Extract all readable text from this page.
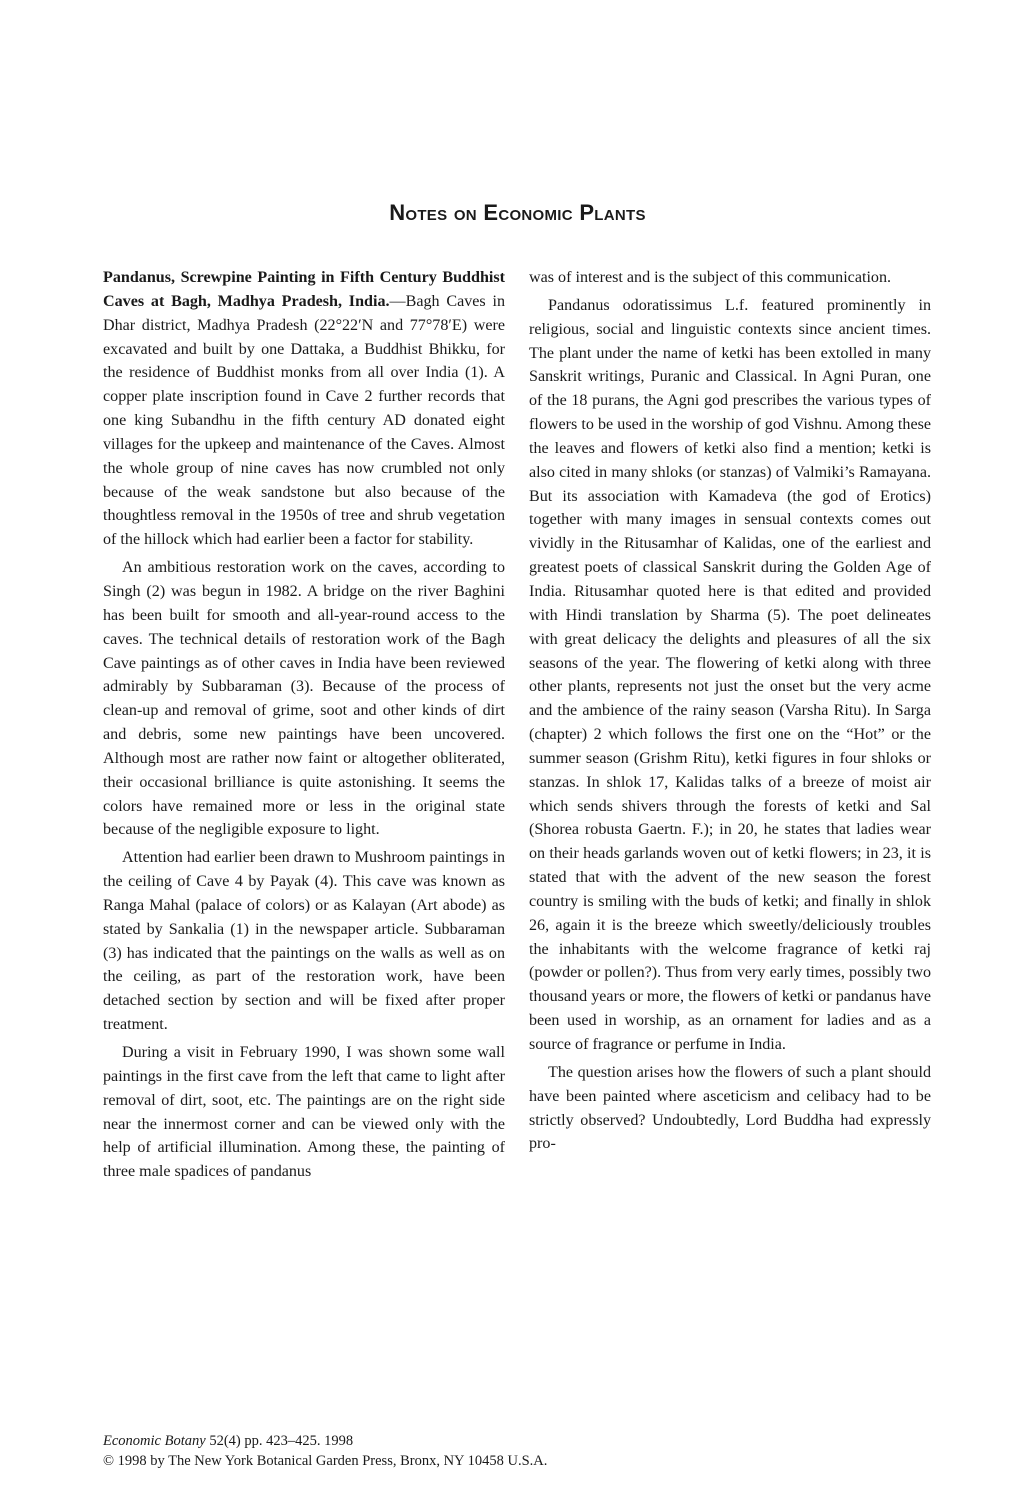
Notes on Economic Plants

Pandanus, Screwpine Painting in Fifth Century Buddhist Caves at Bagh, Madhya Pradesh, India.—Bagh Caves in Dhar district, Madhya Pradesh (22°22′N and 77°78′E) were excavated and built by one Dattaka, a Buddhist Bhikku, for the residence of Buddhist monks from all over India (1). A copper plate inscription found in Cave 2 further records that one king Subandhu in the fifth century AD donated eight villages for the upkeep and maintenance of the Caves. Almost the whole group of nine caves has now crumbled not only because of the weak sandstone but also because of the thoughtless removal in the 1950s of tree and shrub vegetation of the hillock which had earlier been a factor for stability.

An ambitious restoration work on the caves, according to Singh (2) was begun in 1982. A bridge on the river Baghini has been built for smooth and all-year-round access to the caves. The technical details of restoration work of the Bagh Cave paintings as of other caves in India have been reviewed admirably by Subbaraman (3). Because of the process of clean-up and removal of grime, soot and other kinds of dirt and debris, some new paintings have been uncovered. Although most are rather now faint or altogether obliterated, their occasional brilliance is quite astonishing. It seems the colors have remained more or less in the original state because of the negligible exposure to light.

Attention had earlier been drawn to Mushroom paintings in the ceiling of Cave 4 by Payak (4). This cave was known as Ranga Mahal (palace of colors) or as Kalayan (Art abode) as stated by Sankalia (1) in the newspaper article. Subbaraman (3) has indicated that the paintings on the walls as well as on the ceiling, as part of the restoration work, have been detached section by section and will be fixed after proper treatment.

During a visit in February 1990, I was shown some wall paintings in the first cave from the left that came to light after removal of dirt, soot, etc. The paintings are on the right side near the innermost corner and can be viewed only with the help of artificial illumination. Among these, the painting of three male spadices of pandanus

was of interest and is the subject of this communication.

Pandanus odoratissimus L.f. featured prominently in religious, social and linguistic contexts since ancient times. The plant under the name of ketki has been extolled in many Sanskrit writings, Puranic and Classical. In Agni Puran, one of the 18 purans, the Agni god prescribes the various types of flowers to be used in the worship of god Vishnu. Among these the leaves and flowers of ketki also find a mention; ketki is also cited in many shloks (or stanzas) of Valmiki’s Ramayana. But its association with Kamadeva (the god of Erotics) together with many images in sensual contexts comes out vividly in the Ritusamhar of Kalidas, one of the earliest and greatest poets of classical Sanskrit during the Golden Age of India. Ritusamhar quoted here is that edited and provided with Hindi translation by Sharma (5). The poet delineates with great delicacy the delights and pleasures of all the six seasons of the year. The flowering of ketki along with three other plants, represents not just the onset but the very acme and the ambience of the rainy season (Varsha Ritu). In Sarga (chapter) 2 which follows the first one on the “Hot” or the summer season (Grishm Ritu), ketki figures in four shloks or stanzas. In shlok 17, Kalidas talks of a breeze of moist air which sends shivers through the forests of ketki and Sal (Shorea robusta Gaertn. F.); in 20, he states that ladies wear on their heads garlands woven out of ketki flowers; in 23, it is stated that with the advent of the new season the forest country is smiling with the buds of ketki; and finally in shlok 26, again it is the breeze which sweetly/deliciously troubles the inhabitants with the welcome fragrance of ketki raj (powder or pollen?). Thus from very early times, possibly two thousand years or more, the flowers of ketki or pandanus have been used in worship, as an ornament for ladies and as a source of fragrance or perfume in India.

The question arises how the flowers of such a plant should have been painted where asceticism and celibacy had to be strictly observed? Undoubtedly, Lord Buddha had expressly pro-

Economic Botany 52(4) pp. 423–425. 1998
© 1998 by The New York Botanical Garden Press, Bronx, NY 10458 U.S.A.
